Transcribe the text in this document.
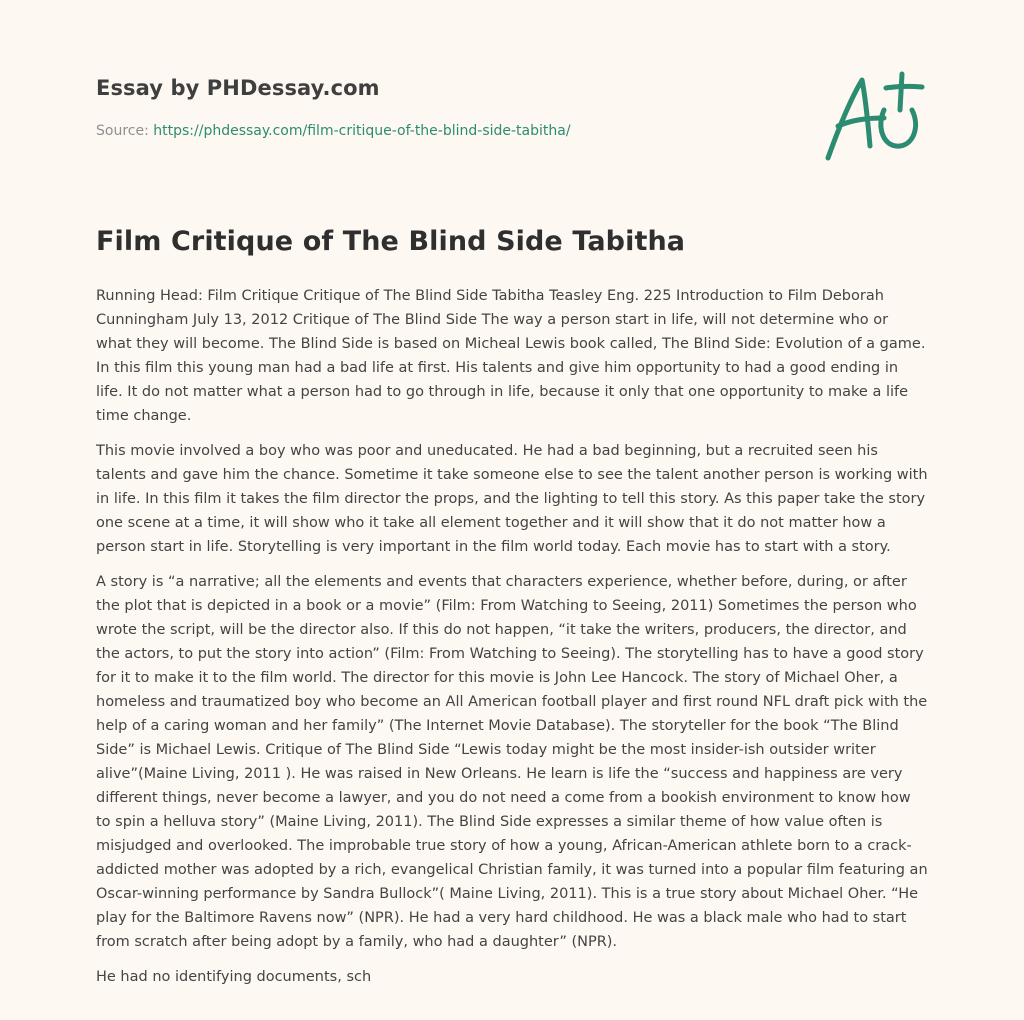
Essay by PHDessay.com
Source: https://phdessay.com/film-critique-of-the-blind-side-tabitha/
Film Critique of The Blind Side Tabitha

Running Head: Film Critique Critique of The Blind Side Tabitha Teasley Eng. 225 Introduction to Film Deborah Cunningham July 13, 2012 Critique of The Blind Side The way a person start in life, will not determine who or what they will become. The Blind Side is based on Micheal Lewis book called, The Blind Side: Evolution of a game. In this film this young man had a bad life at first. His talents and give him opportunity to had a good ending in life. It do not matter what a person had to go through in life, because it only that one opportunity to make a life time change.

This movie involved a boy who was poor and uneducated. He had a bad beginning, but a recruited seen his talents and gave him the chance. Sometime it take someone else to see the talent another person is working with in life. In this film it takes the film director the props, and the lighting to tell this story. As this paper take the story one scene at a time, it will show who it take all element together and it will show that it do not matter how a person start in life. Storytelling is very important in the film world today. Each movie has to start with a story.

A story is “a narrative; all the elements and events that characters experience, whether before, during, or after the plot that is depicted in a book or a movie” (Film: From Watching to Seeing, 2011) Sometimes the person who wrote the script, will be the director also. If this do not happen, “it take the writers, producers, the director, and the actors, to put the story into action” (Film: From Watching to Seeing). The storytelling has to have a good story for it to make it to the film world. The director for this movie is John Lee Hancock. The story of Michael Oher, a homeless and traumatized boy who become an All American football player and first round NFL draft pick with the help of a caring woman and her family” (The Internet Movie Database). The storyteller for the book “The Blind Side” is Michael Lewis. Critique of The Blind Side “Lewis today might be the most insider-ish outsider writer alive”(Maine Living, 2011 ). He was raised in New Orleans. He learn is life the “success and happiness are very different things, never become a lawyer, and you do not need a come from a bookish environment to know how to spin a helluva story” (Maine Living, 2011). The Blind Side expresses a similar theme of how value often is misjudged and overlooked. The improbable true story of how a young, African-American athlete born to a crack-addicted mother was adopted by a rich, evangelical Christian family, it was turned into a popular film featuring an Oscar-winning performance by Sandra Bullock”( Maine Living, 2011). This is a true story about Michael Oher. “He play for the Baltimore Ravens now” (NPR). He had a very hard childhood. He was a black male who had to start from scratch after being adopt by a family, who had a daughter” (NPR).

He had no identifying documents, sch
